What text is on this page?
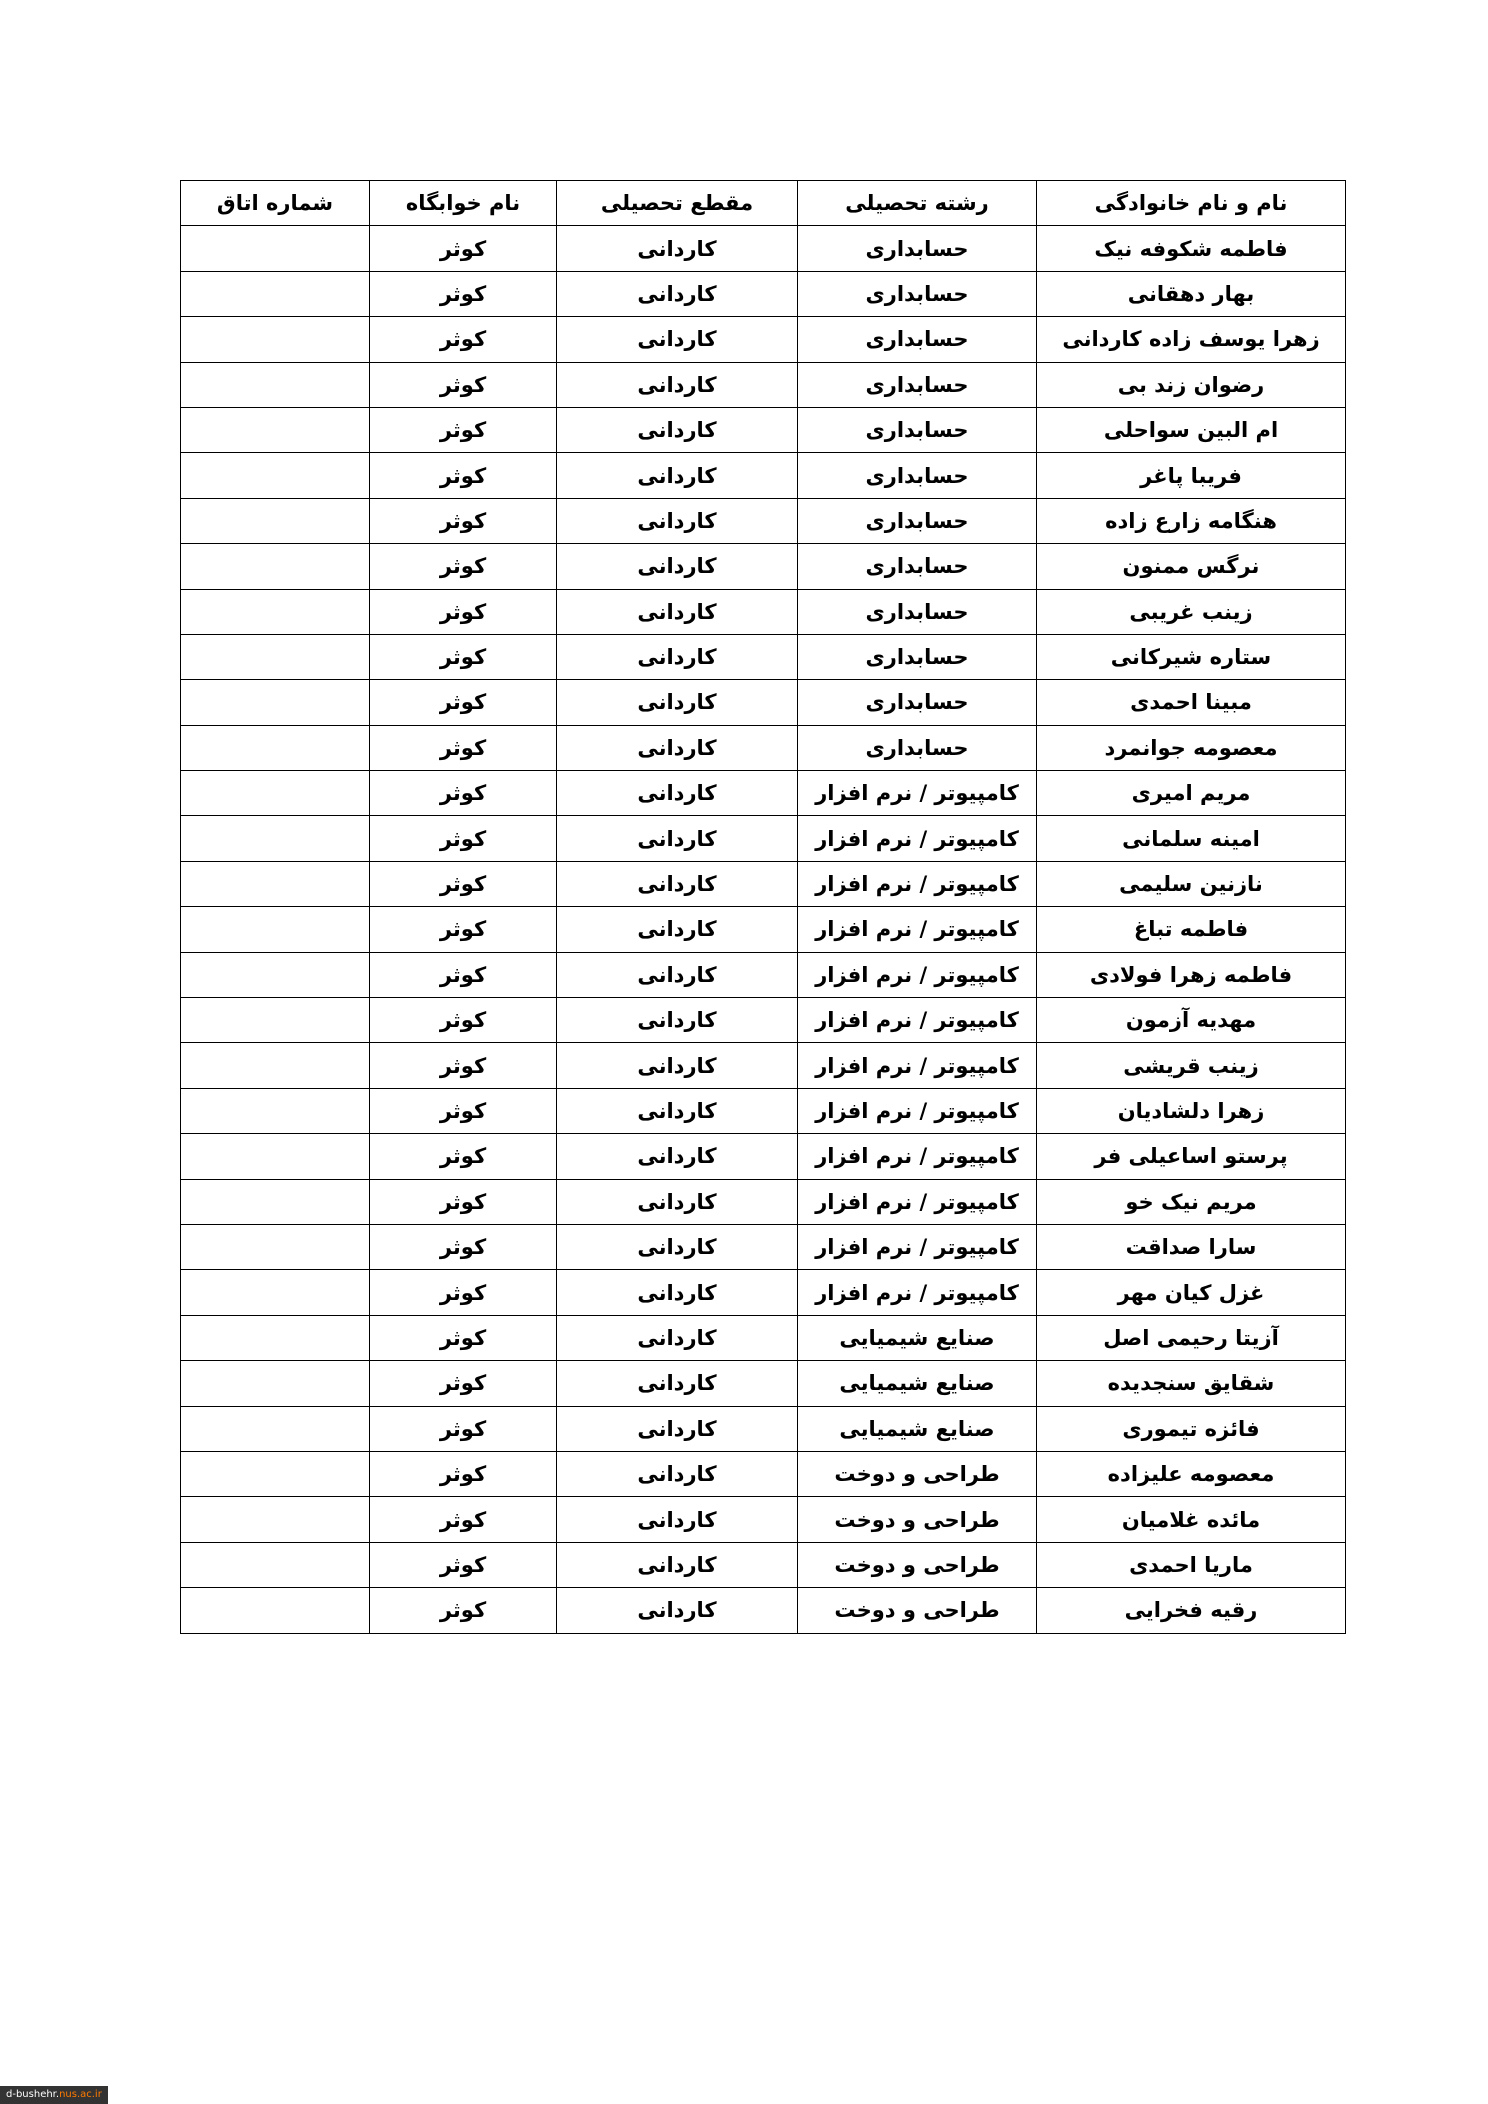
نام و نام خانوادگی	رشته تحصیلی	مقطع تحصیلی	نام خوابگاه	شماره اتاق
فاطمه شکوفه نیک	حسابداری	کاردانی	کوثر	
بهار دهقانی	حسابداری	کاردانی	کوثر	
زهرا یوسف زاده کاردانی	حسابداری	کاردانی	کوثر	
رضوان زند بی	حسابداری	کاردانی	کوثر	
ام البین سواحلی	حسابداری	کاردانی	کوثر	
فریبا پاغر	حسابداری	کاردانی	کوثر	
هنگامه زارع زاده	حسابداری	کاردانی	کوثر	
نرگس ممنون	حسابداری	کاردانی	کوثر	
زینب غریبی	حسابداری	کاردانی	کوثر	
ستاره شیرکانی	حسابداری	کاردانی	کوثر	
مبینا احمدی	حسابداری	کاردانی	کوثر	
معصومه جوانمرد	حسابداری	کاردانی	کوثر	
مریم امیری	کامپیوتر / نرم افزار	کاردانی	کوثر	
امینه سلمانی	کامپیوتر / نرم افزار	کاردانی	کوثر	
نازنین سلیمی	کامپیوتر / نرم افزار	کاردانی	کوثر	
فاطمه تباغ	کامپیوتر / نرم افزار	کاردانی	کوثر	
فاطمه زهرا فولادی	کامپیوتر / نرم افزار	کاردانی	کوثر	
مهدیه آزمون	کامپیوتر / نرم افزار	کاردانی	کوثر	
زینب قریشی	کامپیوتر / نرم افزار	کاردانی	کوثر	
زهرا دلشادیان	کامپیوتر / نرم افزار	کاردانی	کوثر	
پرستو اساعیلی فر	کامپیوتر / نرم افزار	کاردانی	کوثر	
مریم نیک خو	کامپیوتر / نرم افزار	کاردانی	کوثر	
سارا صداقت	کامپیوتر / نرم افزار	کاردانی	کوثر	
غزل کیان مهر	کامپیوتر / نرم افزار	کاردانی	کوثر	
آزیتا رحیمی اصل	صنایع شیمیایی	کاردانی	کوثر	
شقایق سنجدیده	صنایع شیمیایی	کاردانی	کوثر	
فائزه تیموری	صنایع شیمیایی	کاردانی	کوثر	
معصومه علیزاده	طراحی و دوخت	کاردانی	کوثر	
مائده غلامیان	طراحی و دوخت	کاردانی	کوثر	
ماریا احمدی	طراحی و دوخت	کاردانی	کوثر	
رقیه فخرایی	طراحی و دوخت	کاردانی	کوثر	
d-bushehr.nus.ac.ir
